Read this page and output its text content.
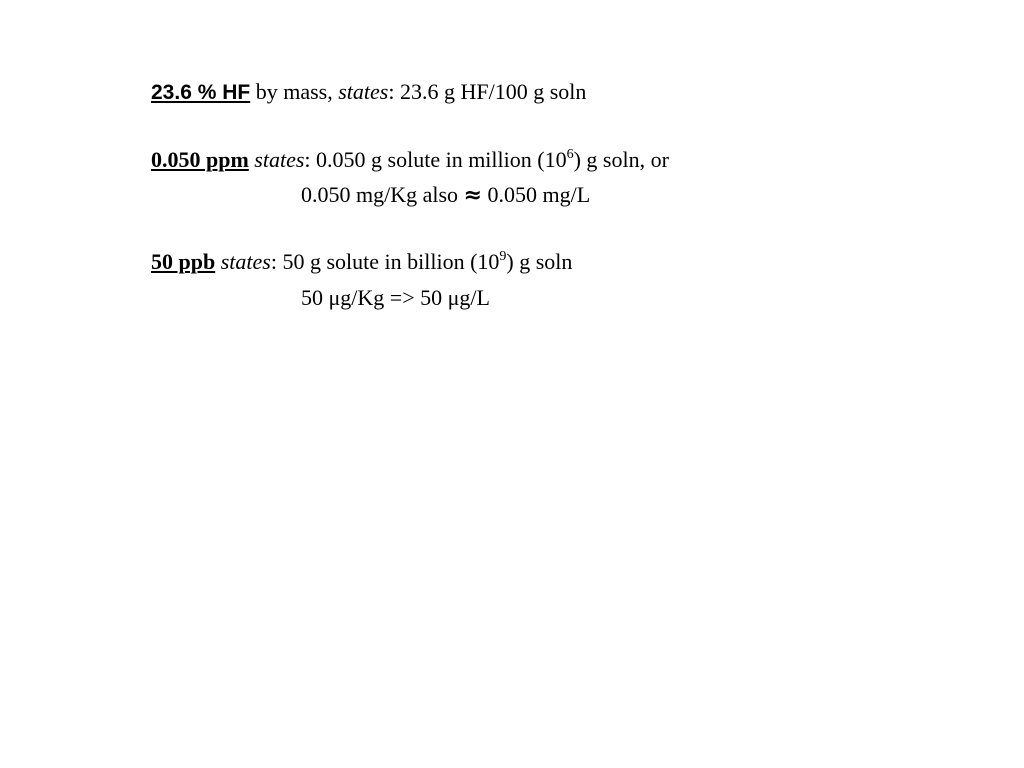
23.6 % HF by mass, states: 23.6 g HF/100 g soln
0.050 ppm states: 0.050 g solute in million $(10^6)$ g soln, or
0.050 mg/Kg also ≈ 0.050 mg/L
50 ppb states: 50 g solute in billion $(10^9)$ g soln
50 μg/Kg => 50 μg/L
